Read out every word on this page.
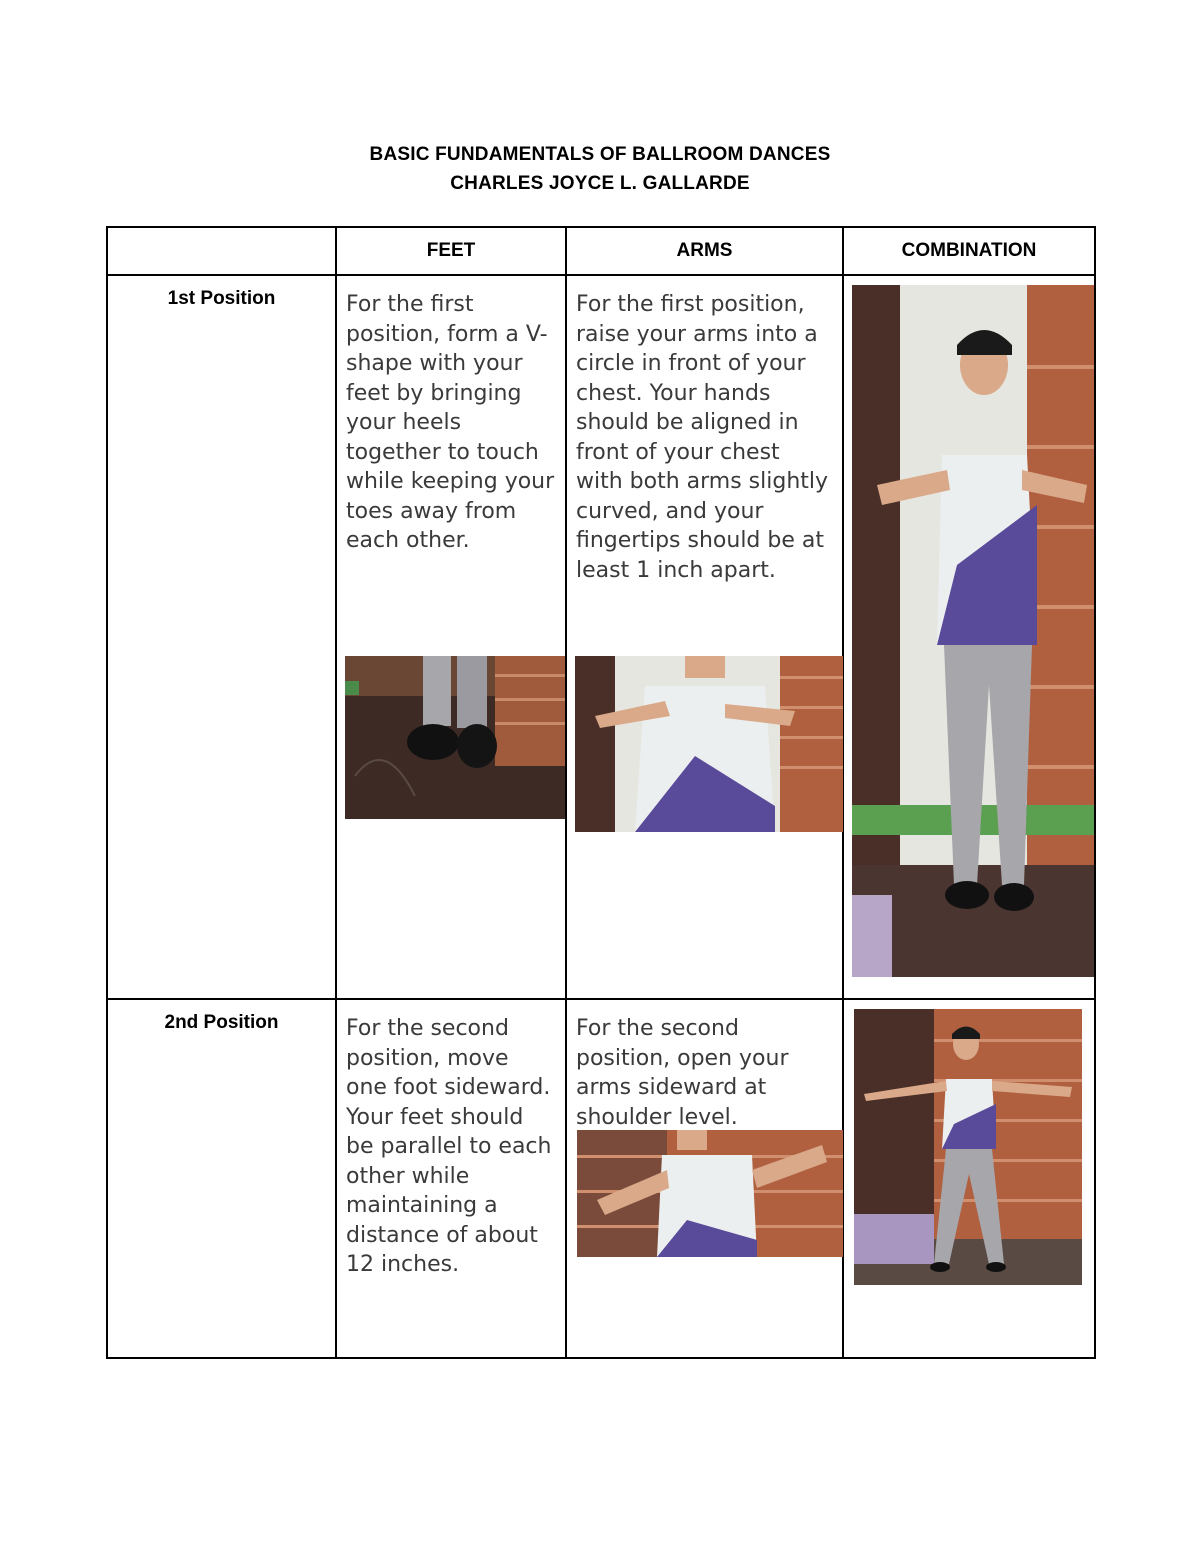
BASIC FUNDAMENTALS OF BALLROOM DANCES
CHARLES JOYCE L. GALLARDE
	FEET	ARMS	COMBINATION
1st Position	For the first position, form a V-shape with your feet by bringing your heels together to touch while keeping your toes away from each other.	For the first position, raise your arms into a circle in front of your chest. Your hands should be aligned in front of your chest with both arms slightly curved, and your fingertips should be at least 1 inch apart.

2nd Position	For the second position, move one foot sideward. Your feet should be parallel to each other while maintaining a distance of about 12 inches.	For the second position, open your arms sideward at shoulder level.
